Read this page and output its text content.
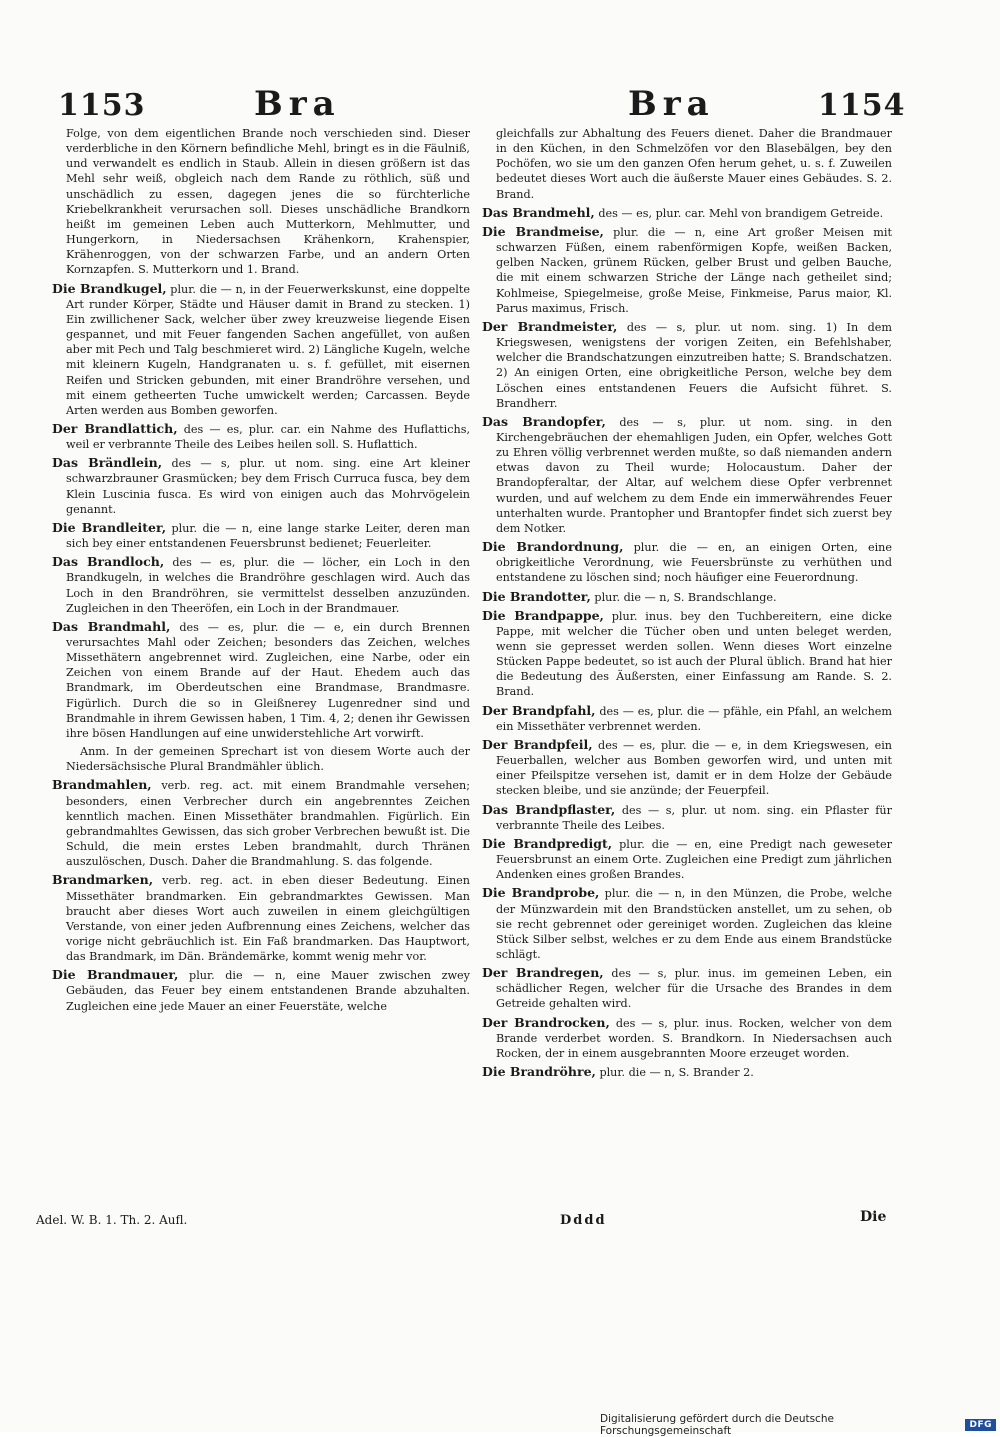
1153	Bra	Bra	1154

Folge, von dem eigentlichen Brande noch verschieden sind. Dieser verderbliche in den Körnern befindliche Mehl, bringt es in die Fäulniß, und verwandelt es endlich in Staub. Allein in diesen größern ist das Mehl sehr weiß, obgleich nach dem Rande zu röthlich, süß und unschädlich zu essen, dagegen jenes die so fürchterliche Kriebelkrankheit verursachen soll. Dieses unschädliche Brandkorn heißt im gemeinen Leben auch Mutterkorn, Mehlmutter, und Hungerkorn, in Niedersachsen Krähenkorn, Krahenspier, Krähenroggen, von der schwarzen Farbe, und an andern Orten Kornzapfen. S. Mutterkorn und 1. Brand.

Die Brandkugel, plur. die — n, in der Feuerwerkskunst, eine doppelte Art runder Körper, Städte und Häuser damit in Brand zu stecken. 1) Ein zwillichener Sack, welcher über zwey kreuzweise liegende Eisen gespannet, und mit Feuer fangenden Sachen angefüllet, von außen aber mit Pech und Talg beschmieret wird. 2) Längliche Kugeln, welche mit kleinern Kugeln, Handgranaten u. s. f. gefüllet, mit eisernen Reifen und Stricken gebunden, mit einer Brandröhre versehen, und mit einem getheerten Tuche umwickelt werden; Carcassen. Beyde Arten werden aus Bomben geworfen.

Der Brandlattich, des — es, plur. car. ein Nahme des Huflattichs, weil er verbrannte Theile des Leibes heilen soll. S. Huflattich.

Das Brändlein, des — s, plur. ut nom. sing. eine Art kleiner schwarzbrauner Grasmücken; bey dem Frisch Curruca fusca, bey dem Klein Luscinia fusca. Es wird von einigen auch das Mohrvögelein genannt.

Die Brandleiter, plur. die — n, eine lange starke Leiter, deren man sich bey einer entstandenen Feuersbrunst bedienet; Feuerleiter.

Das Brandloch, des — es, plur. die — löcher, ein Loch in den Brandkugeln, in welches die Brandröhre geschlagen wird. Auch das Loch in den Brandröhren, sie vermittelst desselben anzuzünden. Zugleichen in den Theeröfen, ein Loch in der Brandmauer.

Das Brandmahl, des — es, plur. die — e, ein durch Brennen verursachtes Mahl oder Zeichen; besonders das Zeichen, welches Missethätern angebrennet wird. Zugleichen, eine Narbe, oder ein Zeichen von einem Brande auf der Haut. Ehedem auch das Brandmark, im Oberdeutschen eine Brandmase, Brandmasre. Figürlich. Durch die so in Gleißnerey Lugenredner sind und Brandmahle in ihrem Gewissen haben, 1 Tim. 4, 2; denen ihr Gewissen ihre bösen Handlungen auf eine unwiderstehliche Art vorwirft.

Anm. In der gemeinen Sprechart ist von diesem Worte auch der Niedersächsische Plural Brandmähler üblich.

Brandmahlen, verb. reg. act. mit einem Brandmahle versehen; besonders, einen Verbrecher durch ein angebrenntes Zeichen kenntlich machen. Einen Missethäter brandmahlen. Figürlich. Ein gebrandmahltes Gewissen, das sich grober Verbrechen bewußt ist. Die Schuld, die mein erstes Leben brandmahlt, durch Thränen auszulöschen, Dusch. Daher die Brandmahlung. S. das folgende.

Brandmarken, verb. reg. act. in eben dieser Bedeutung. Einen Missethäter brandmarken. Ein gebrandmarktes Gewissen. Man braucht aber dieses Wort auch zuweilen in einem gleichgültigen Verstande, von einer jeden Aufbrennung eines Zeichens, welcher das vorige nicht gebräuchlich ist. Ein Faß brandmarken. Das Hauptwort, das Brandmark, im Dän. Brändemärke, kommt wenig mehr vor.

Die Brandmauer, plur. die — n, eine Mauer zwischen zwey Gebäuden, das Feuer bey einem entstandenen Brande abzuhalten. Zugleichen eine jede Mauer an einer Feuerstäte, welche

gleichfalls zur Abhaltung des Feuers dienet. Daher die Brandmauer in den Küchen, in den Schmelzöfen vor den Blasebälgen, bey den Pochöfen, wo sie um den ganzen Ofen herum gehet, u. s. f. Zuweilen bedeutet dieses Wort auch die äußerste Mauer eines Gebäudes. S. 2. Brand.

Das Brandmehl, des — es, plur. car. Mehl von brandigem Getreide.

Die Brandmeise, plur. die — n, eine Art großer Meisen mit schwarzen Füßen, einem rabenförmigen Kopfe, weißen Backen, gelben Nacken, grünem Rücken, gelber Brust und gelben Bauche, die mit einem schwarzen Striche der Länge nach getheilet sind; Kohlmeise, Spiegelmeise, große Meise, Finkmeise, Parus maior, Kl. Parus maximus, Frisch.

Der Brandmeister, des — s, plur. ut nom. sing. 1) In dem Kriegswesen, wenigstens der vorigen Zeiten, ein Befehlshaber, welcher die Brandschatzungen einzutreiben hatte; S. Brandschatzen. 2) An einigen Orten, eine obrigkeitliche Person, welche bey dem Löschen eines entstandenen Feuers die Aufsicht führet. S. Brandherr.

Das Brandopfer, des — s, plur. ut nom. sing. in den Kirchengebräuchen der ehemahligen Juden, ein Opfer, welches Gott zu Ehren völlig verbrennet werden mußte, so daß niemanden andern etwas davon zu Theil wurde; Holocaustum. Daher der Brandopferaltar, der Altar, auf welchem diese Opfer verbrennet wurden, und auf welchem zu dem Ende ein immerwährendes Feuer unterhalten wurde. Prantopher und Brantopfer findet sich zuerst bey dem Notker.

Die Brandordnung, plur. die — en, an einigen Orten, eine obrigkeitliche Verordnung, wie Feuersbrünste zu verhüthen und entstandene zu löschen sind; noch häufiger eine Feuerordnung.

Die Brandotter, plur. die — n, S. Brandschlange.

Die Brandpappe, plur. inus. bey den Tuchbereitern, eine dicke Pappe, mit welcher die Tücher oben und unten beleget werden, wenn sie gepresset werden sollen. Wenn dieses Wort einzelne Stücken Pappe bedeutet, so ist auch der Plural üblich. Brand hat hier die Bedeutung des Äußersten, einer Einfassung am Rande. S. 2. Brand.

Der Brandpfahl, des — es, plur. die — pfähle, ein Pfahl, an welchem ein Missethäter verbrennet werden.

Der Brandpfeil, des — es, plur. die — e, in dem Kriegswesen, ein Feuerballen, welcher aus Bomben geworfen wird, und unten mit einer Pfeilspitze versehen ist, damit er in dem Holze der Gebäude stecken bleibe, und sie anzünde; der Feuerpfeil.

Das Brandpflaster, des — s, plur. ut nom. sing. ein Pflaster für verbrannte Theile des Leibes.

Die Brandpredigt, plur. die — en, eine Predigt nach geweseter Feuersbrunst an einem Orte. Zugleichen eine Predigt zum jährlichen Andenken eines großen Brandes.

Die Brandprobe, plur. die — n, in den Münzen, die Probe, welche der Münzwardein mit den Brandstücken anstellet, um zu sehen, ob sie recht gebrennet oder gereiniget worden. Zugleichen das kleine Stück Silber selbst, welches er zu dem Ende aus einem Brandstücke schlägt.

Der Brandregen, des — s, plur. inus. im gemeinen Leben, ein schädlicher Regen, welcher für die Ursache des Brandes in dem Getreide gehalten wird.

Der Brandrocken, des — s, plur. inus. Rocken, welcher von dem Brande verderbet worden. S. Brandkorn. In Niedersachsen auch Rocken, der in einem ausgebrannten Moore erzeuget worden.

Die Brandröhre, plur. die — n, S. Brander 2.

Adel. W. B. 1. Th. 2. Aufl.	Dddd	Die
Digitalisierung gefördert durch die Deutsche Forschungsgemeinschaft	DFG
